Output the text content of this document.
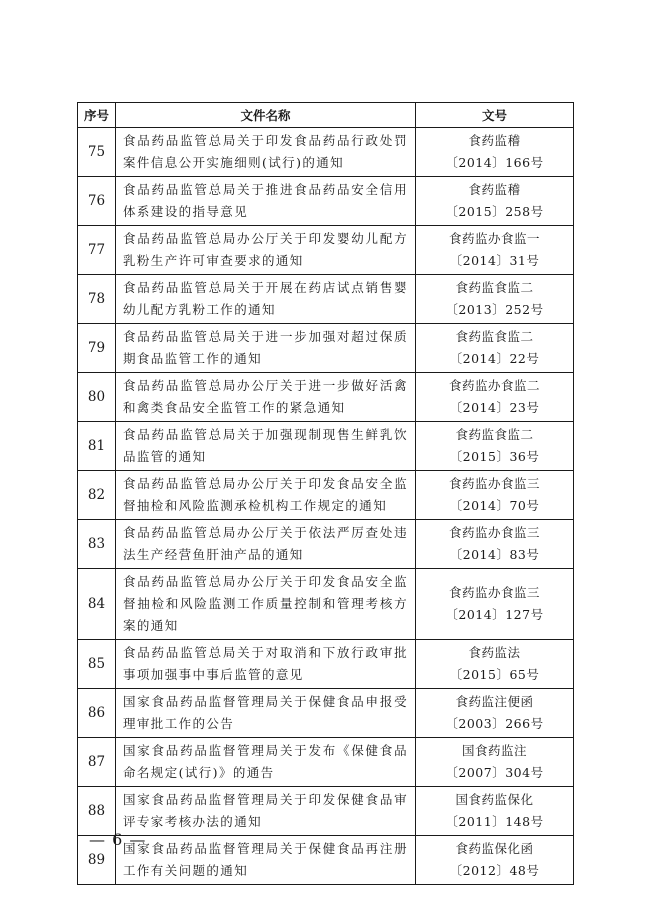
序号	文件名称	文号
75	食品药品监管总局关于印发食品药品行政处罚案件信息公开实施细则(试行)的通知	食药监稽
〔2014〕166号

76	食品药品监管总局关于推进食品药品安全信用体系建设的指导意见	食药监稽
〔2015〕258号

77	食品药品监管总局办公厅关于印发婴幼儿配方乳粉生产许可审查要求的通知	食药监办食监一
〔2014〕31号

78	食品药品监管总局关于开展在药店试点销售婴幼儿配方乳粉工作的通知	食药监食监二
〔2013〕252号

79	食品药品监管总局关于进一步加强对超过保质期食品监管工作的通知	食药监食监二
〔2014〕22号

80	食品药品监管总局办公厅关于进一步做好活禽和禽类食品安全监管工作的紧急通知	食药监办食监二
〔2014〕23号

81	食品药品监管总局关于加强现制现售生鲜乳饮品监管的通知	食药监食监二
〔2015〕36号

82	食品药品监管总局办公厅关于印发食品安全监督抽检和风险监测承检机构工作规定的通知	食药监办食监三
〔2014〕70号

83	食品药品监管总局办公厅关于依法严厉查处违法生产经营鱼肝油产品的通知	食药监办食监三
〔2014〕83号

84	食品药品监管总局办公厅关于印发食品安全监督抽检和风险监测工作质量控制和管理考核方案的通知	食药监办食监三
〔2014〕127号

85	食品药品监管总局关于对取消和下放行政审批事项加强事中事后监管的意见	食药监法
〔2015〕65号

86	国家食品药品监督管理局关于保健食品申报受理审批工作的公告	食药监注便函
〔2003〕266号

87	国家食品药品监督管理局关于发布《保健食品命名规定(试行)》的通告	国食药监注
〔2007〕304号

88	国家食品药品监督管理局关于印发保健食品审评专家考核办法的通知	国食药监保化
〔2011〕148号

89	国家食品药品监督管理局关于保健食品再注册工作有关问题的通知	食药监保化函
〔2012〕48号
— 6 —
